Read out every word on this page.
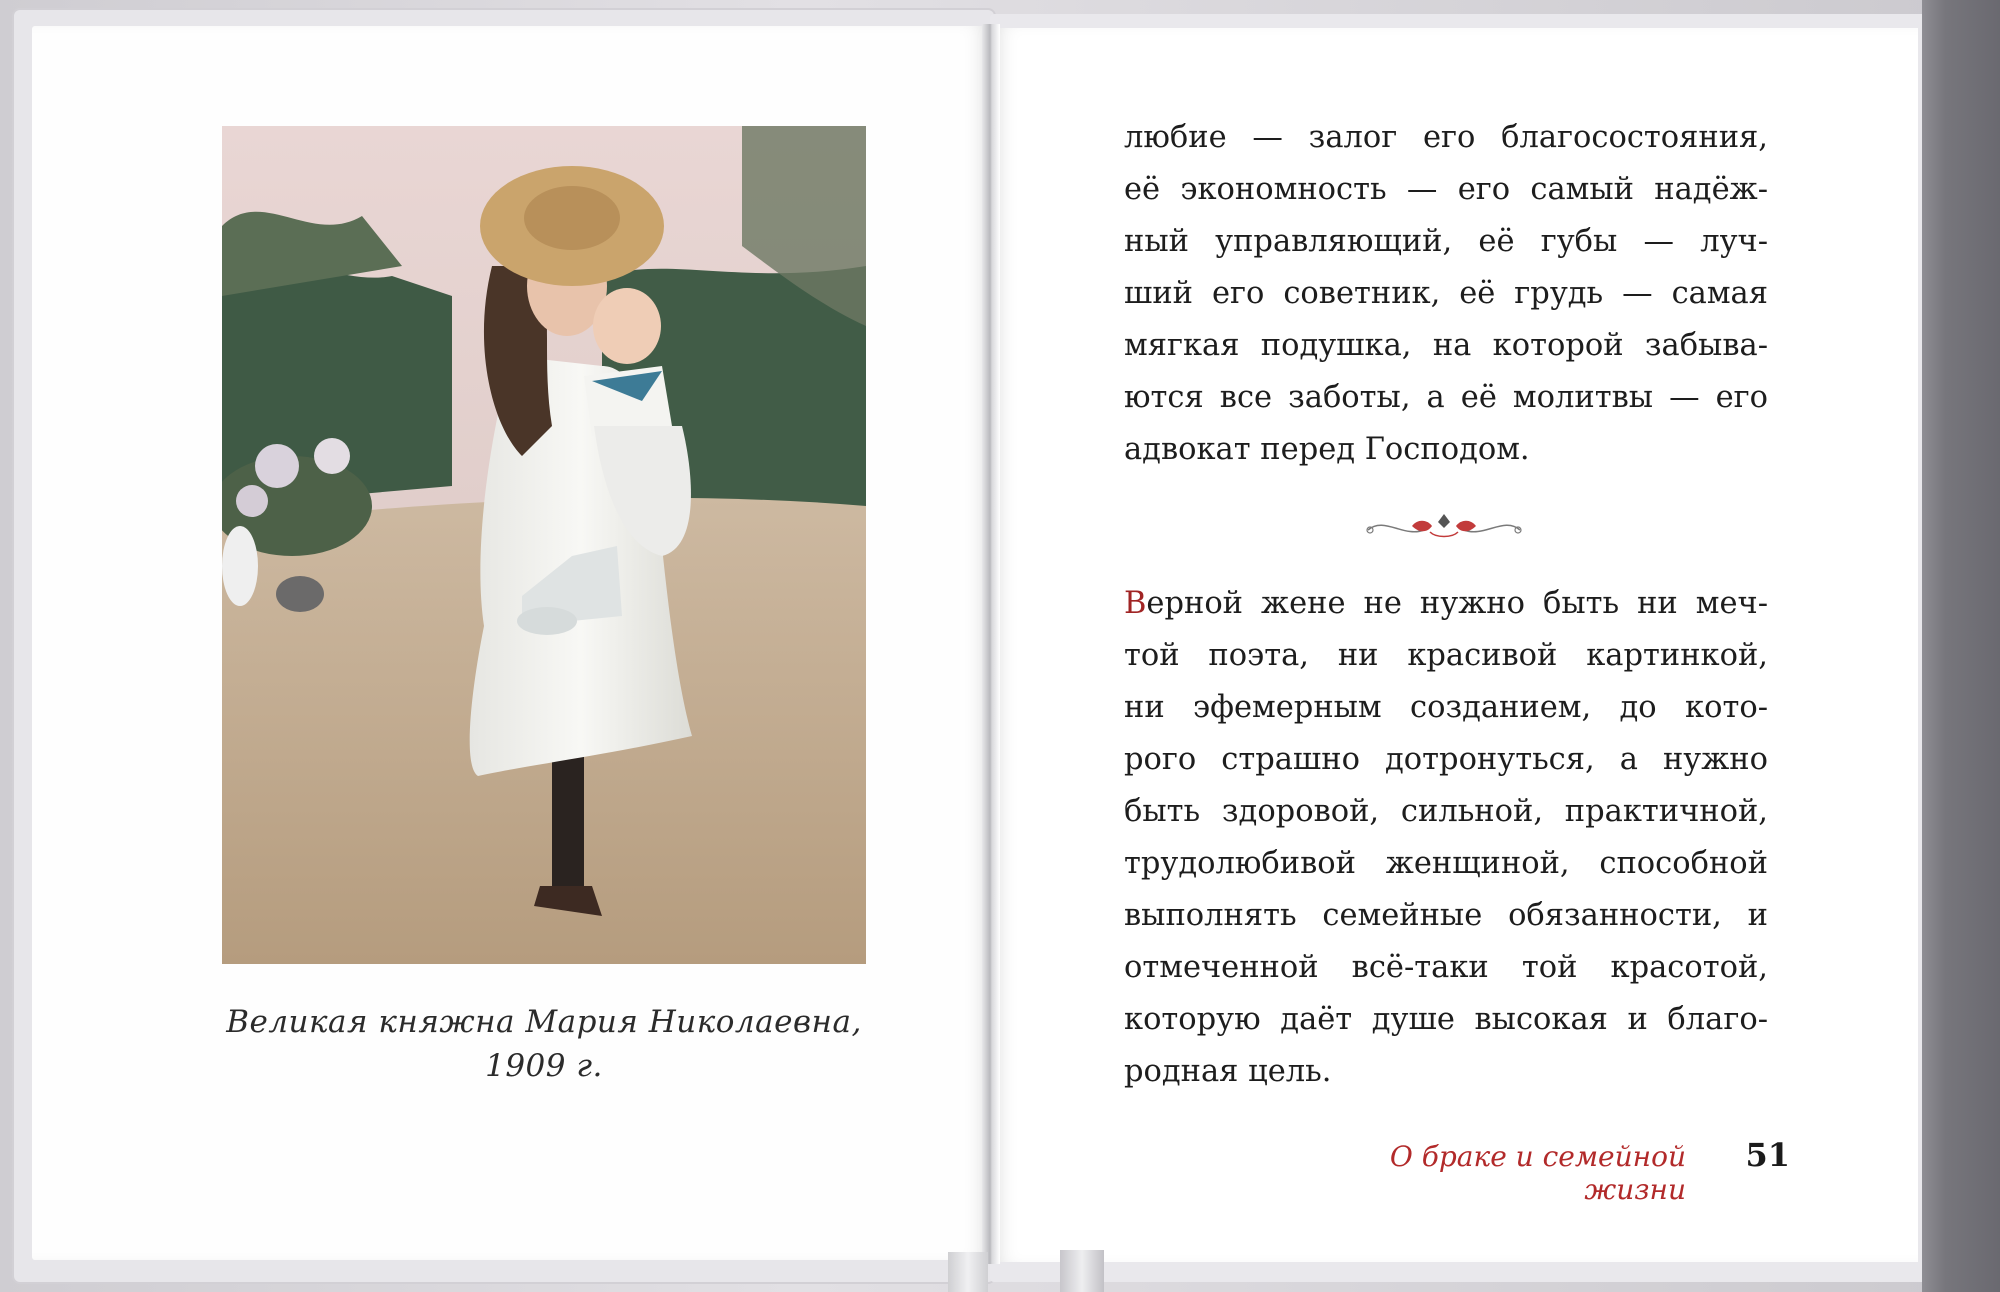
Великая княжна Мария Николаевна,
1909 г.
любие — залог его благосостояния,
её экономность — его самый надёж-
ный управляющий, её губы — луч-
ший его советник, её грудь — самая
мягкая подушка, на которой забыва-
ются все заботы, а её молитвы — его
адвокат перед Господом.
Верной жене не нужно быть ни меч-
той поэта, ни красивой картинкой,
ни эфемерным созданием, до кото-
рого страшно дотронуться, а нужно
быть здоровой, сильной, практичной,
трудолюбивой женщиной, способной
выполнять семейные обязанности, и
отмеченной всё-таки той красотой,
которую даёт душе высокая и благо-
родная цель.
О браке и семейной жизни
51
